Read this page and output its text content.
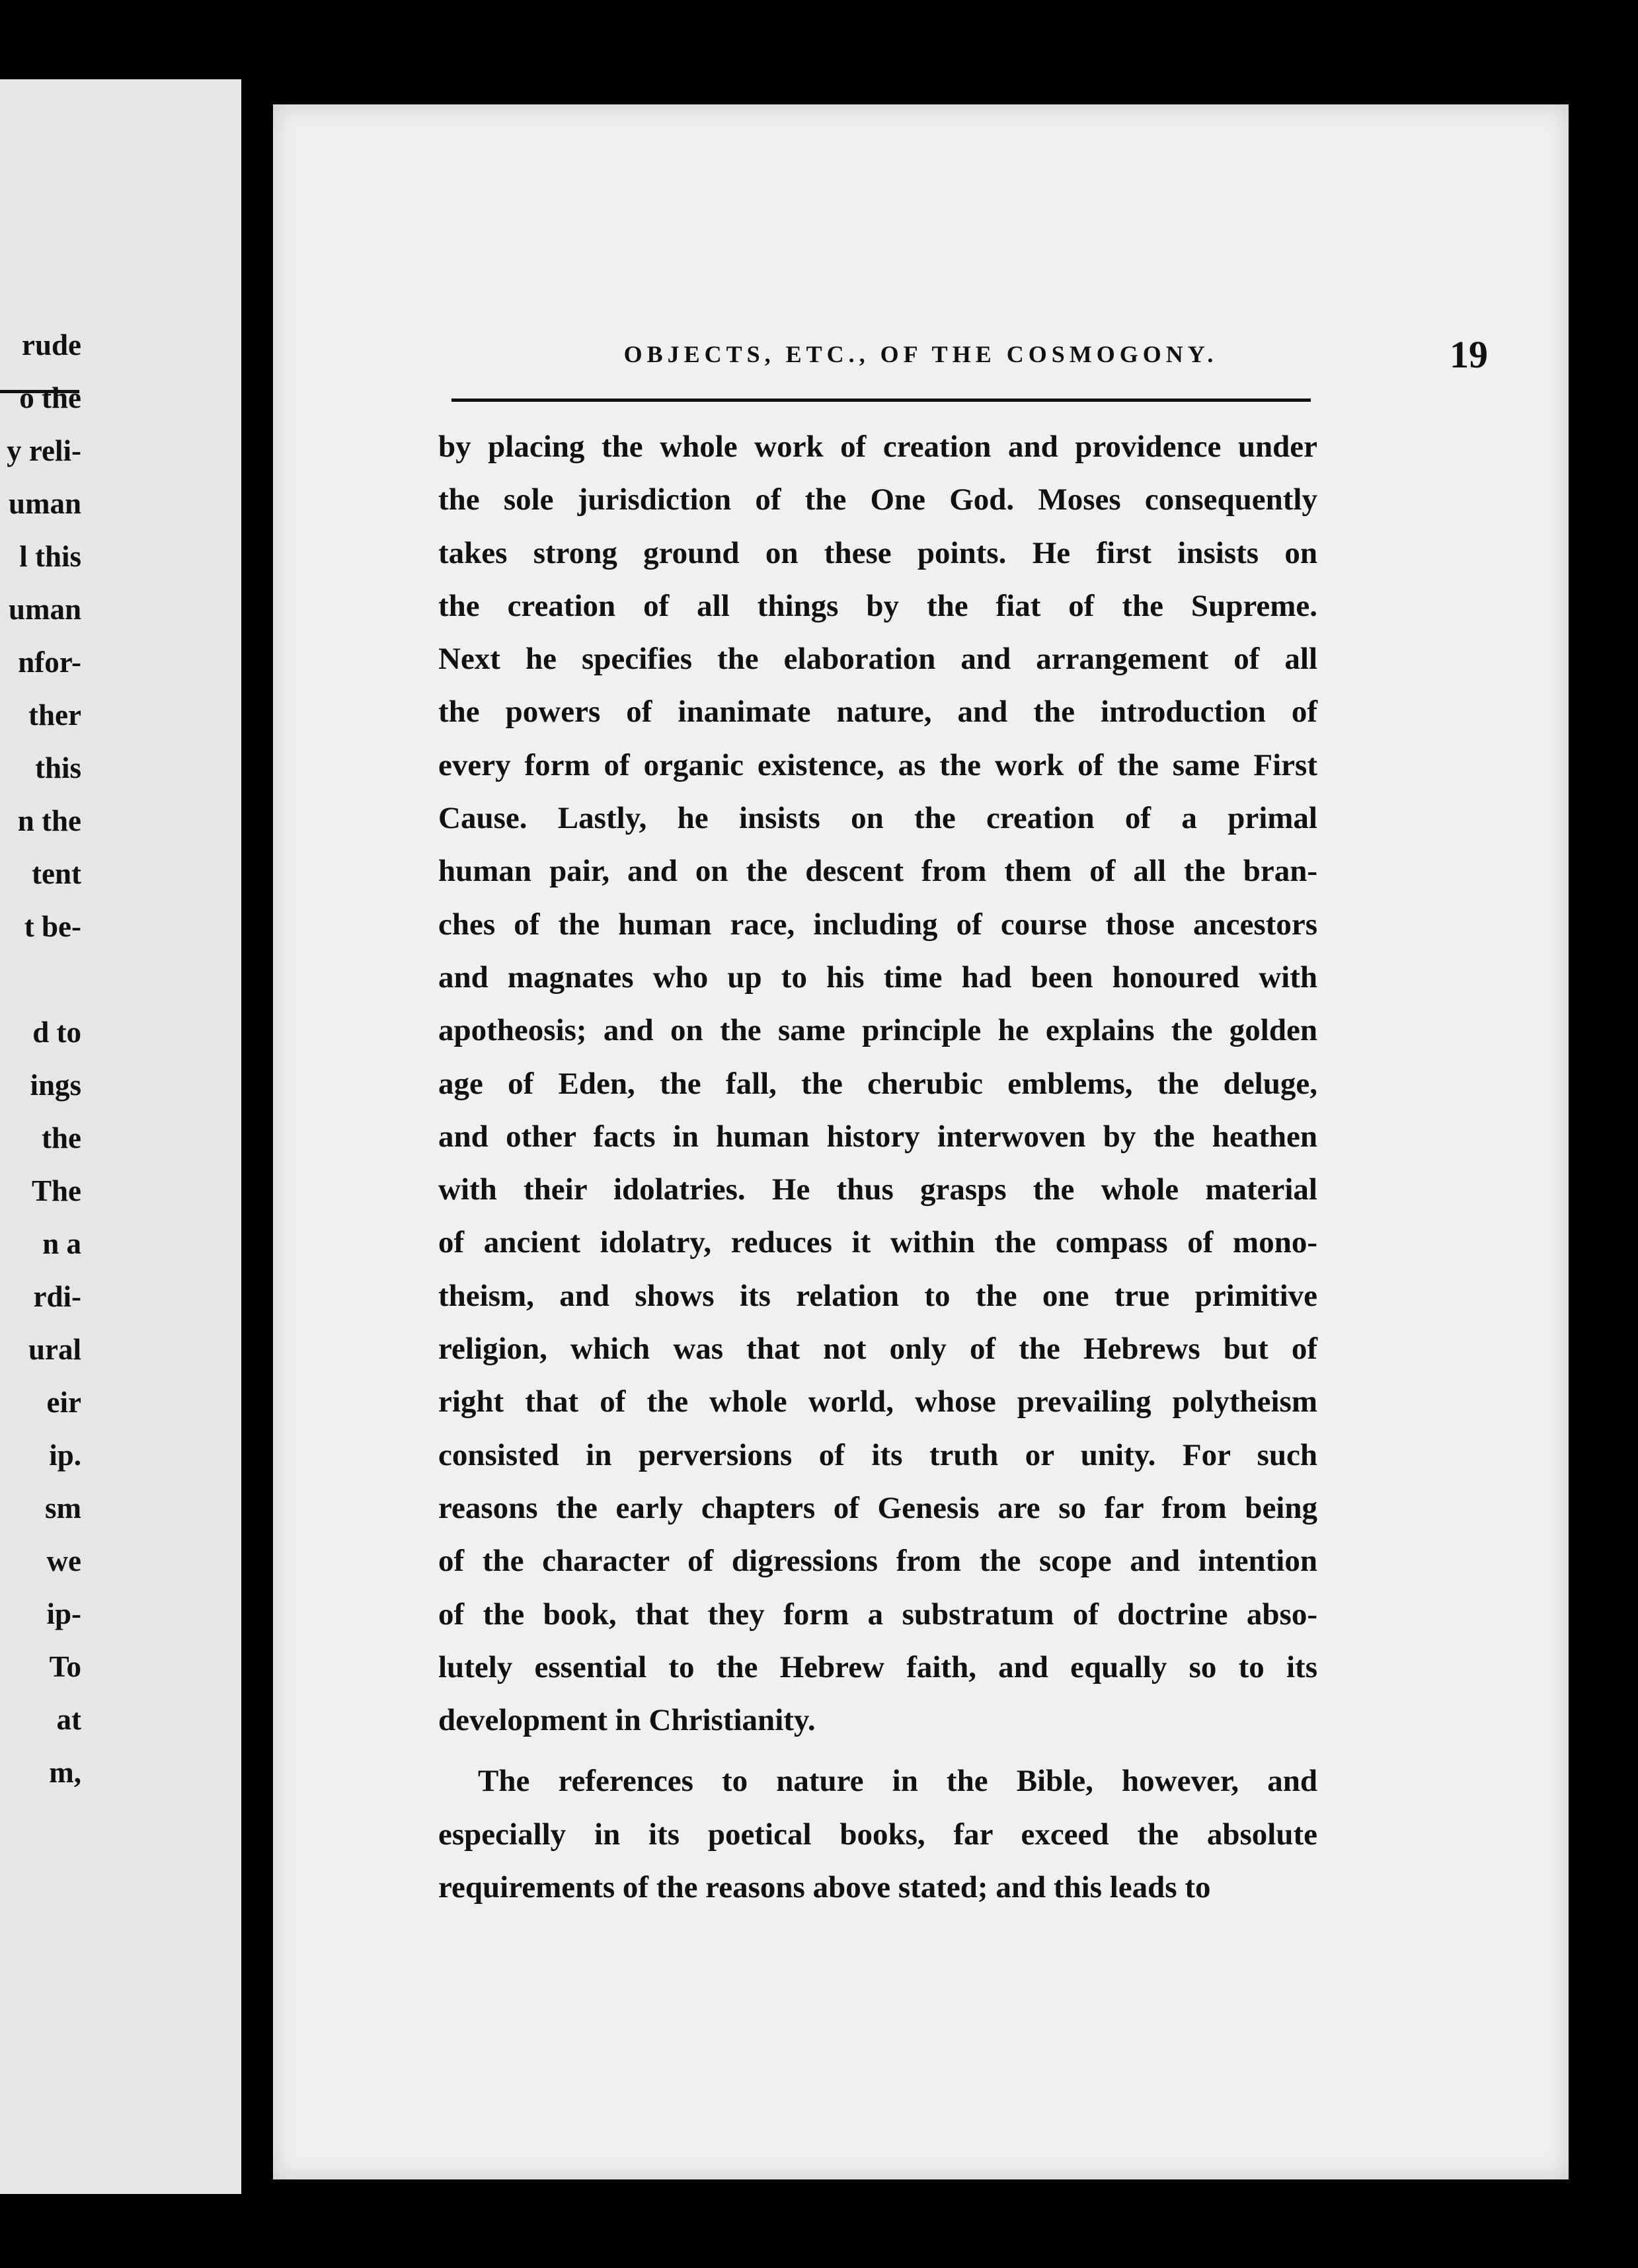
rude
o the
y reli-
uman
l this
uman
nfor-
ther
this
n the
tent
t be-
d to
ings
the
The
n a
rdi-
ural
eir
ip.
sm
we
ip-
To
at
m,
OBJECTS, ETC., OF THE COSMOGONY.	19
by placing the whole work of creation and providence under
the sole jurisdiction of the One God. Moses consequently
takes strong ground on these points. He first insists on
the creation of all things by the fiat of the Supreme.
Next he specifies the elaboration and arrangement of all
the powers of inanimate nature, and the introduction of
every form of organic existence, as the work of the same First
Cause. Lastly, he insists on the creation of a primal
human pair, and on the descent from them of all the bran-
ches of the human race, including of course those ancestors
and magnates who up to his time had been honoured with
apotheosis; and on the same principle he explains the golden
age of Eden, the fall, the cherubic emblems, the deluge,
and other facts in human history interwoven by the heathen
with their idolatries. He thus grasps the whole material
of ancient idolatry, reduces it within the compass of mono-
theism, and shows its relation to the one true primitive
religion, which was that not only of the Hebrews but of
right that of the whole world, whose prevailing polytheism
consisted in perversions of its truth or unity. For such
reasons the early chapters of Genesis are so far from being
of the character of digressions from the scope and intention
of the book, that they form a substratum of doctrine abso-
lutely essential to the Hebrew faith, and equally so to its
development in Christianity.
The references to nature in the Bible, however, and
especially in its poetical books, far exceed the absolute
requirements of the reasons above stated; and this leads to
